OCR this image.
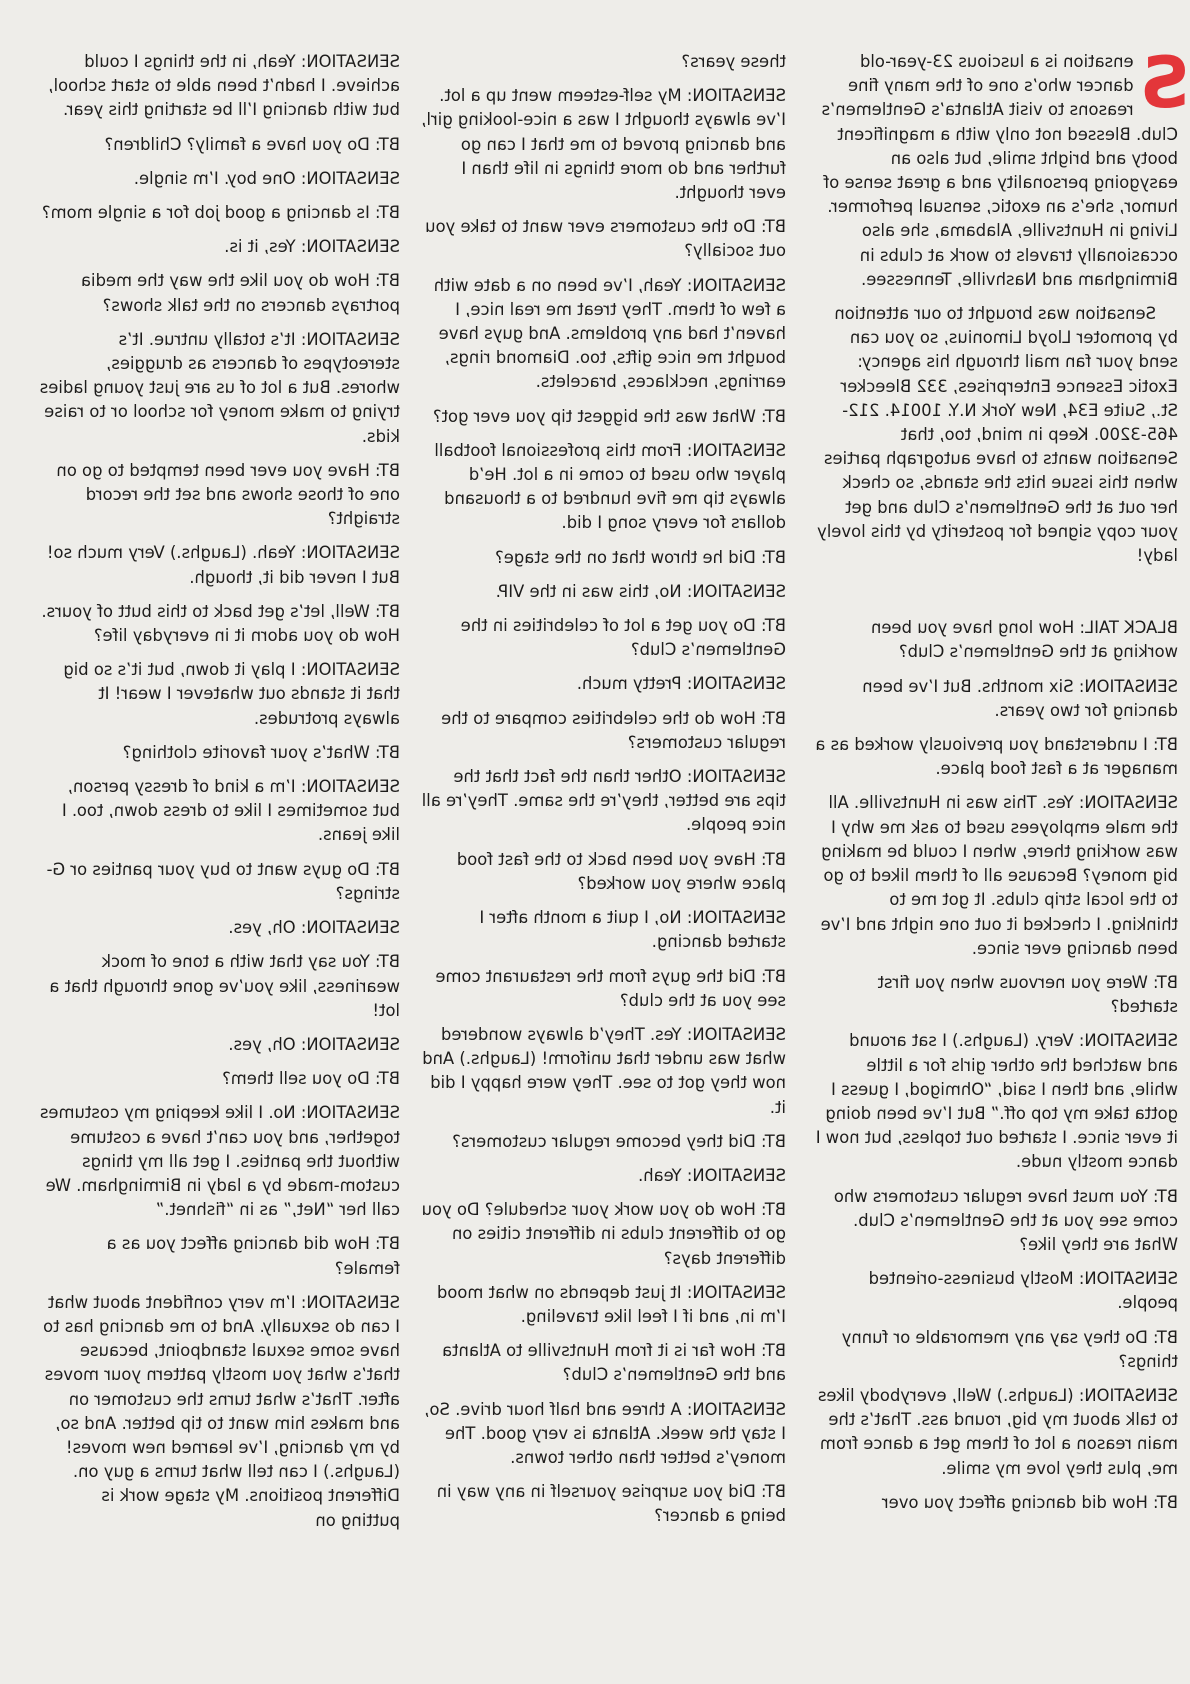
S
ensation is a luscious 23-year-old dancer who’s one of the many fine reasons to visit Atlanta’s Gentlemen’s Club. Blessed not only with a magnificent booty and bright smile, but also an easygoing personality and a great sense of humor, she’s an exotic, sensual performer. Living in Huntsville, Alabama, she also occasionally travels to work at clubs in Birmingham and Nashville, Tennessee.

Sensation was brought to our attention by promoter Lloyd Limonius, so you can send your fan mail through his agency: Exotic Essence Enterprises, 332 Bleecker St., Suite E34, New York N.Y. 10014. 212-465-3200. Keep in mind, too, that Sensation wants to have autograph parties when this issue hits the stands, so check her out at the Gentlemen’s Club and get your copy signed for posterity by this lovely lady!

BLACK TAIL: How long have you been working at the Gentlemen’s Club?

SENSATION: Six months. But I’ve been dancing for two years.

BT: I understand you previously worked as a manager at a fast food place.

SENSATION: Yes. This was in Huntsville. All the male employees used to ask me why I was working there, when I could be making big money? Because all of them liked to go to the local strip clubs. It got me to thinking. I checked it out one night and I’ve been dancing ever since.

BT: Were you nervous when you first started?

SENSATION: Very. (Laughs.) I sat around and watched the other girls for a little while, and then I said, “Ohmigod, I guess I gotta take my top off.” But I’ve been doing it ever since. I started out topless, but now I dance mostly nude.

BT: You must have regular customers who come see you at the Gentlemen’s Club. What are they like?

SENSATION: Mostly business-oriented people.

BT: Do they say any memorable or funny things?

SENSATION: (Laughs.) Well, everybody likes to talk about my big, round ass. That’s the main reason a lot of them get a dance from me, plus they love my smile.

BT: How did dancing affect you over

these years?

SENSATION: My self-esteem went up a lot. I’ve always thought I was a nice-looking girl, and dancing proved to me that I can go further and do more things in life than I ever thought.

BT: Do the customers ever want to take you out socially?

SENSATION: Yeah, I’ve been on a date with a few of them. They treat me real nice, I haven’t had any problems. And guys have bought me nice gifts, too. Diamond rings, earrings, necklaces, bracelets.

BT: What was the biggest tip you ever got?

SENSATION: From this professional football player who used to come in a lot. He’d always tip me five hundred to a thousand dollars for every song I did.

BT: Did he throw that on the stage?

SENSATION: No, this was in the VIP.

BT: Do you get a lot of celebrities in the Gentlemen’s Club?

SENSATION: Pretty much.

BT: How do the celebrities compare to the regular customers?

SENSATION: Other than the fact that the tips are better, they’re the same. They’re all nice people.

BT: Have you been back to the fast food place where you worked?

SENSATION: No, I quit a month after I started dancing.

BT: Did the guys from the restaurant come see you at the club?

SENSATION: Yes. They’d always wondered what was under that uniform! (Laughs.) And now they got to see. They were happy I did it.

BT: Did they become regular customers?

SENSATION: Yeah.

BT: How do you work your schedule? Do you go to different clubs in different cities on different days?

SENSATION: It just depends on what mood I’m in, and if I feel like traveling.

BT: How far is it from Huntsville to Atlanta and the Gentlemen’s Club?

SENSATION: A three and half hour drive. So, I stay the week. Atlanta is very good. The money’s better than other towns.

BT: Did you surprise yourself in any way in being a dancer?

SENSATION: Yeah, in the things I could achieve. I hadn’t been able to start school, but with dancing I’ll be starting this year.

BT: Do you have a family? Children?

SENSATION: One boy. I’m single.

BT: Is dancing a good job for a single mom?

SENSATION: Yes, it is.

BT: How do you like the way the media portrays dancers on the talk shows?

SENSATION: It’s totally untrue. It’s stereotypes of dancers as druggies, whores. But a lot of us are just young ladies trying to make money for school or to raise kids.

BT: Have you ever been tempted to go on one of those shows and set the record straight?

SENSATION: Yeah. (Laughs.) Very much so! But I never did it, though.

BT: Well, let’s get back to this butt of yours. How do you adorn it in everyday life?

SENSATION: I play it down, but it’s so big that it stands out whatever I wear! It always protrudes.

BT: What’s your favorite clothing?

SENSATION: I’m a kind of dressy person, but sometimes I like to dress down, too. I like jeans.

BT: Do guys want to buy your panties or G-strings?

SENSATION: Oh, yes.

BT: You say that with a tone of mock weariness, like you’ve gone through that a lot!

SENSATION: Oh, yes.

BT: Do you sell them?

SENSATION: No. I like keeping my costumes together, and you can’t have a costume without the panties. I get all my things custom-made by a lady in Birmingham. We call her “Net,” as in “fishnet.”

BT: How did dancing affect you as a female?

SENSATION: I’m very confident about what I can do sexually. And to me dancing has to have some sexual standpoint, because that’s what you mostly pattern your moves after. That’s what turns the customer on and makes him want to tip better. And so, by my dancing, I’ve learned new moves! (Laughs.) I can tell what turns a guy on. Different positions. My stage work is putting on
